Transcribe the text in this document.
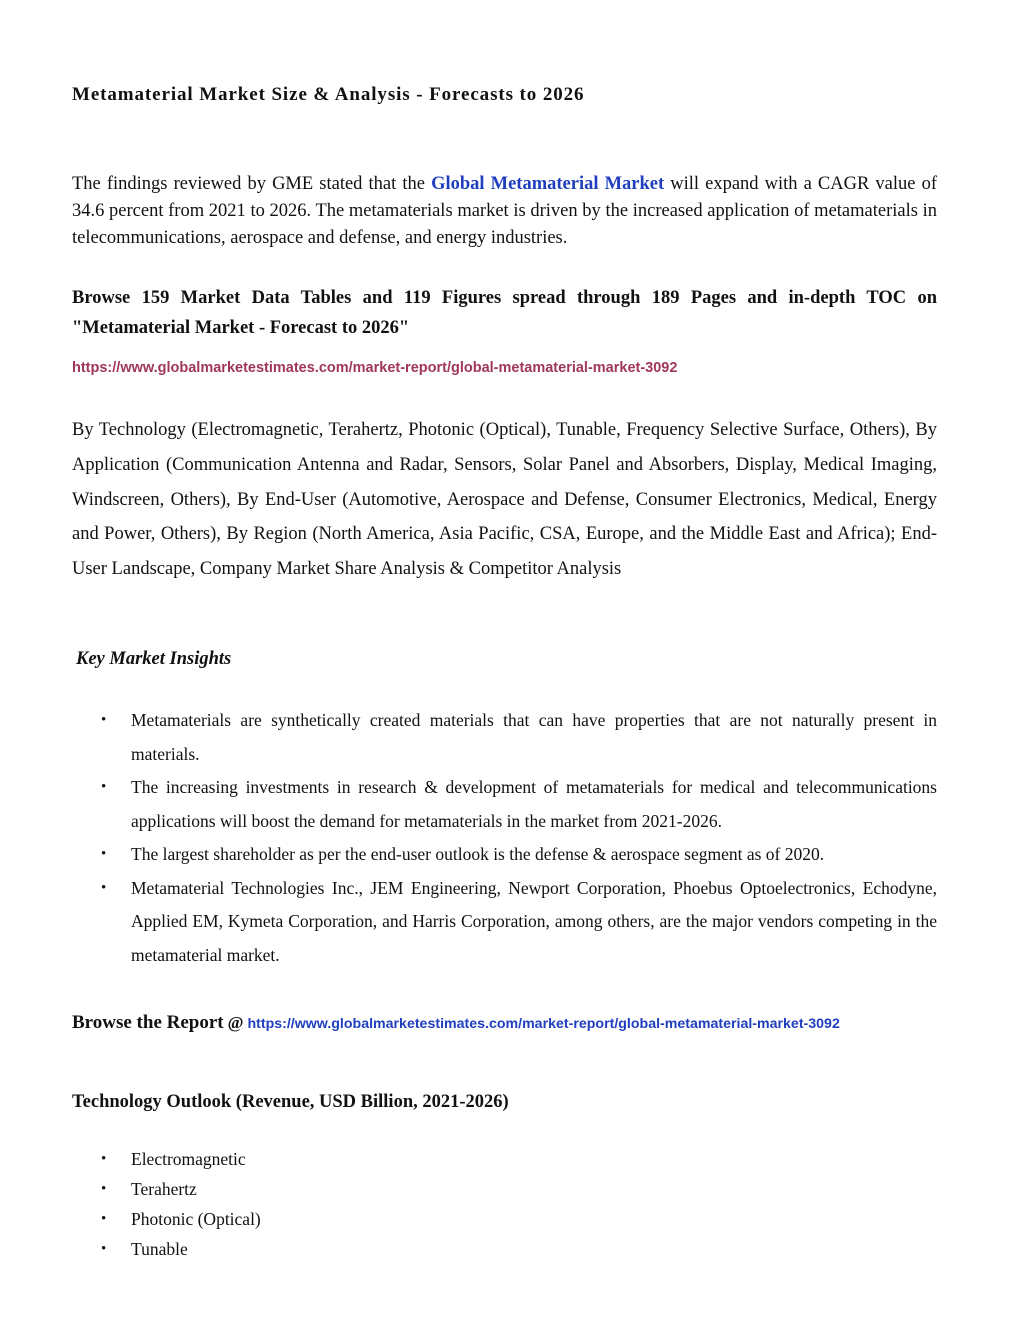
Metamaterial Market Size & Analysis - Forecasts to 2026

The findings reviewed by GME stated that the Global Metamaterial Market will expand with a CAGR value of 34.6 percent from 2021 to 2026. The metamaterials market is driven by the increased application of metamaterials in telecommunications, aerospace and defense, and energy industries.

Browse 159 Market Data Tables and 119 Figures spread through 189 Pages and in-depth TOC on "Metamaterial Market - Forecast to 2026"
https://www.globalmarketestimates.com/market-report/global-metamaterial-market-3092

By Technology (Electromagnetic, Terahertz, Photonic (Optical), Tunable, Frequency Selective Surface, Others), By Application (Communication Antenna and Radar, Sensors, Solar Panel and Absorbers, Display, Medical Imaging, Windscreen, Others), By End-User (Automotive, Aerospace and Defense, Consumer Electronics, Medical, Energy and Power, Others), By Region (North America, Asia Pacific, CSA, Europe, and the Middle East and Africa); End-User Landscape, Company Market Share Analysis & Competitor Analysis

Key Market Insights
• Metamaterials are synthetically created materials that can have properties that are not naturally present in materials.
• The increasing investments in research & development of metamaterials for medical and telecommunications applications will boost the demand for metamaterials in the market from 2021-2026.
• The largest shareholder as per the end-user outlook is the defense & aerospace segment as of 2020.
• Metamaterial Technologies Inc., JEM Engineering, Newport Corporation, Phoebus Optoelectronics, Echodyne, Applied EM, Kymeta Corporation, and Harris Corporation, among others, are the major vendors competing in the metamaterial market.

Browse the Report @ https://www.globalmarketestimates.com/market-report/global-metamaterial-market-3092

Technology Outlook (Revenue, USD Billion, 2021-2026)
• Electromagnetic
• Terahertz
• Photonic (Optical)
• Tunable
